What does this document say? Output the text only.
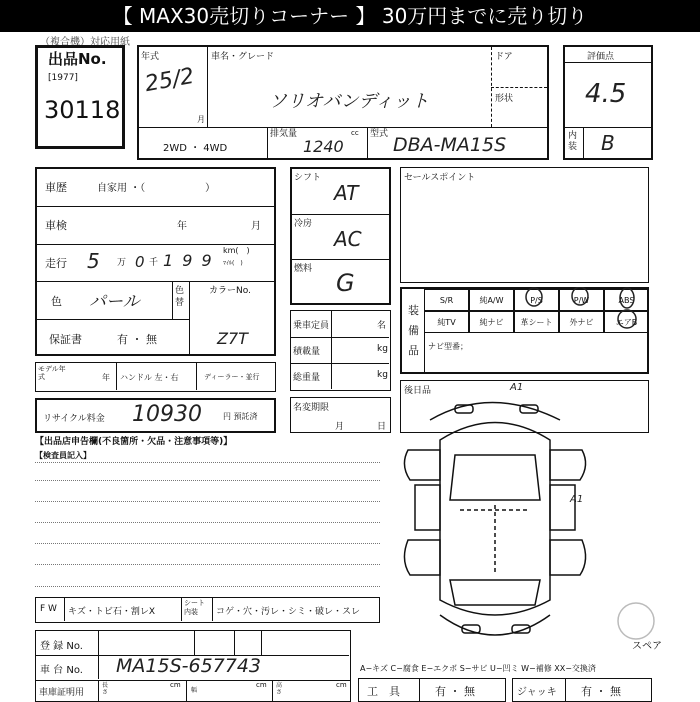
【 MAX30売切りコーナー 】 30万円までに売り切り
（複合機）対応用紙
出品No.
[1977]
30118
年式
25/2
月
車名・グレード
ソリオバンディット
ドア
形状
2WD ・ 4WD
排気量
1240
cc 型式 DBA-MA15S
評価点
4.5
内装 B
車歴	自家用 ・（　　　　　　）
車検	年	月
走行 5 万 0 千 1 9 9
km(　)
ﾏｲﾙ(　)
色 パール
色替
カラーNo.
Z7T
保証書	有 ・ 無
モデル年式	年 ハンドル 左・右	ディーラー・並行
リサイクル料金 10930	円 預託済
【出品店申告欄(不良箇所・欠品・注意事項等)】
【検査員記入】
シフト
AT
冷房
AC
燃料 G
乗車定員	名
積載量	kg
総重量	kg
名変期限
月	日
セールスポイント
装備品
S/R	純A/W	P/S	P/W	ABS
純TV	純ナビ	革シート	外ナビ	エアB
ナビ型番；
後日品	A1
A1
スペア
F W キズ・トビ石・割レX
シート内装	コゲ・穴・汚レ・シミ・破レ・スレ
登 録 No.
車 台 No. MA15S-657743
車庫証明用
長さ
cm
幅
cm 高さ
cm
A−キズ C−腐食 E−エクボ S−サビ U−凹ミ W−補修 XX−交換済
工　具	有 ・ 無	ジャッキ 有 ・ 無
